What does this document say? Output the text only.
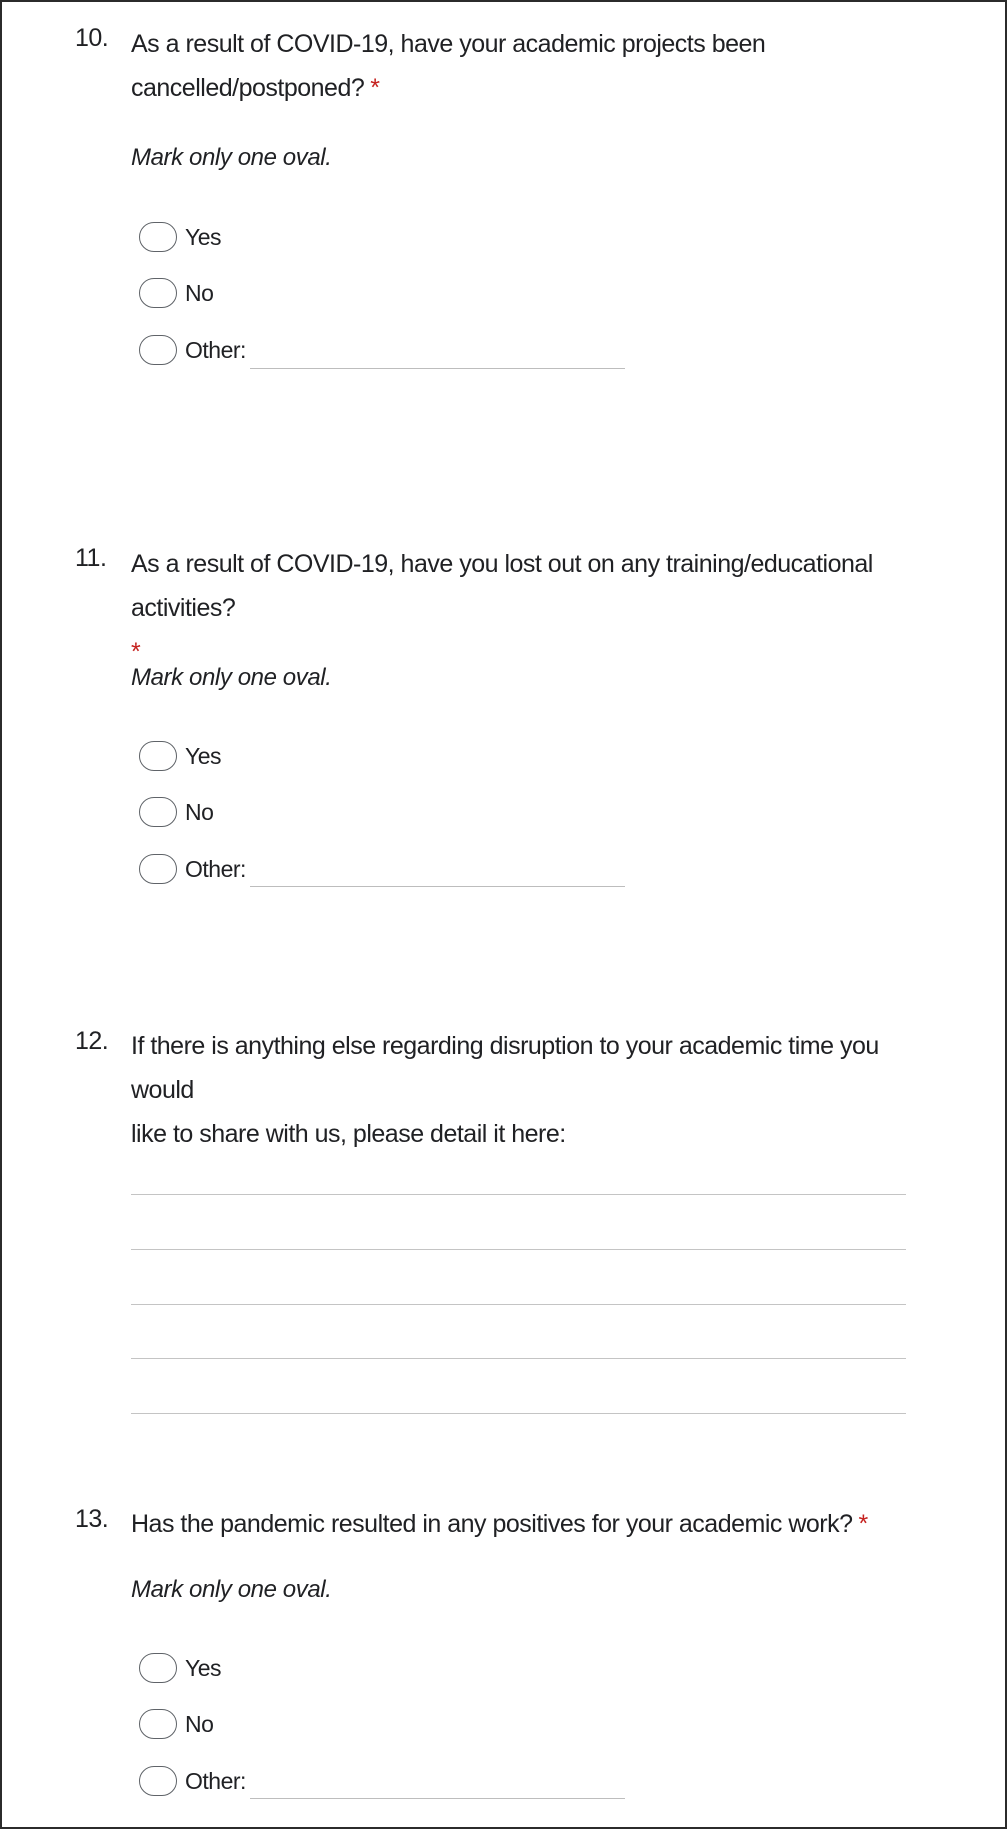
10. As a result of COVID-19, have your academic projects been
cancelled/postponed? *
Mark only one oval.
Yes
No
Other:
11. As a result of COVID-19, have you lost out on any training/educational activities?
*
Mark only one oval.
Yes
No
Other:
12. If there is anything else regarding disruption to your academic time you would
like to share with us, please detail it here:
13. Has the pandemic resulted in any positives for your academic work? *
Mark only one oval.
Yes
No
Other:
